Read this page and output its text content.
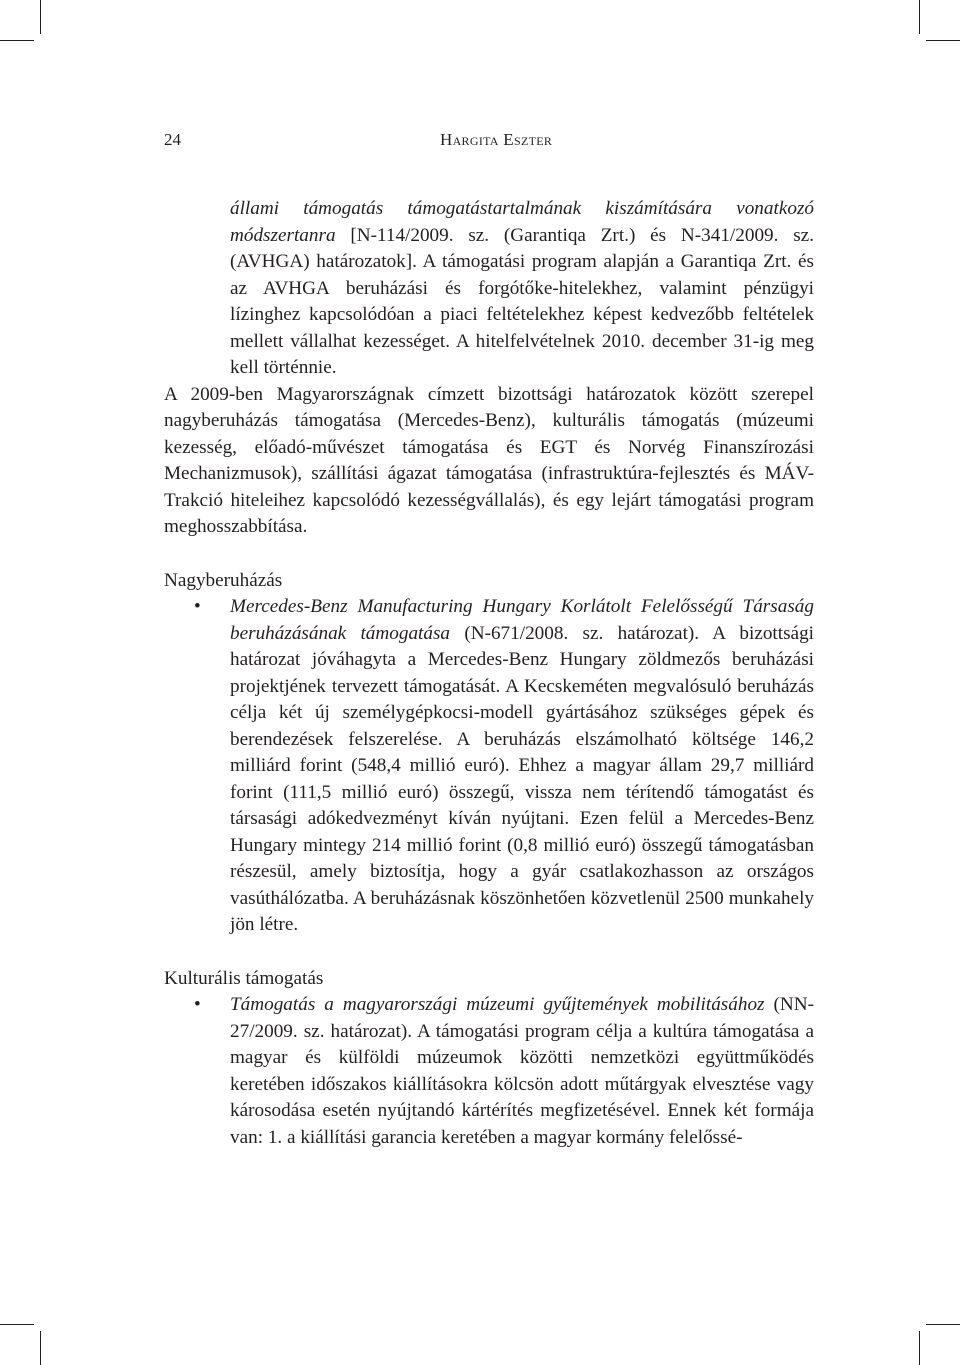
24	Hargita Eszter

állami támogatás támogatástartalmának kiszámítására vonatkozó módszertanra [N-114/2009. sz. (Garantiqa Zrt.) és N-341/2009. sz. (AVHGA) határozatok]. A támogatási program alapján a Garantiqa Zrt. és az AVHGA beruházási és forgótőke-hitelekhez, valamint pénzügyi lízinghez kapcsolódóan a piaci feltételekhez képest kedvezőbb feltételek mellett vállalhat kezességet. A hitelfelvételnek 2010. december 31-ig meg kell történnie.

A 2009-ben Magyarországnak címzett bizottsági határozatok között szerepel nagyberuházás támogatása (Mercedes-Benz), kulturális támogatás (múzeumi kezesség, előadó-művészet támogatása és EGT és Norvég Finanszírozási Mechanizmusok), szállítási ágazat támogatása (infrastruktúra-fejlesztés és MÁV-Trakció hiteleihez kapcsolódó kezességvállalás), és egy lejárt támogatási program meghosszabbítása.

Nagyberuházás

• Mercedes-Benz Manufacturing Hungary Korlátolt Felelősségű Társaság beruházásának támogatása (N-671/2008. sz. határozat). A bizottsági határozat jóváhagyta a Mercedes-Benz Hungary zöldmezős beruházási projektjének tervezett támogatását. A Kecskeméten megvalósuló beruházás célja két új személygépkocsi-modell gyártásához szükséges gépek és berendezések felszerelése. A beruházás elszámolható költsége 146,2 milliárd forint (548,4 millió euró). Ehhez a magyar állam 29,7 milliárd forint (111,5 millió euró) összegű, vissza nem térítendő támogatást és társasági adókedvezményt kíván nyújtani. Ezen felül a Mercedes-Benz Hungary mintegy 214 millió forint (0,8 millió euró) összegű támogatásban részesül, amely biztosítja, hogy a gyár csatlakozhasson az országos vasúthálózatba. A beruházásnak köszönhetően közvetlenül 2500 munkahely jön létre.

Kulturális támogatás

• Támogatás a magyarországi múzeumi gyűjtemények mobilitásához (NN-27/2009. sz. határozat). A támogatási program célja a kultúra támogatása a magyar és külföldi múzeumok közötti nemzetközi együttműködés keretében időszakos kiállításokra kölcsön adott műtárgyak elvesztése vagy károsodása esetén nyújtandó kártérítés megfizetésével. Ennek két formája van: 1. a kiállítási garancia keretében a magyar kormány felelőssé-
